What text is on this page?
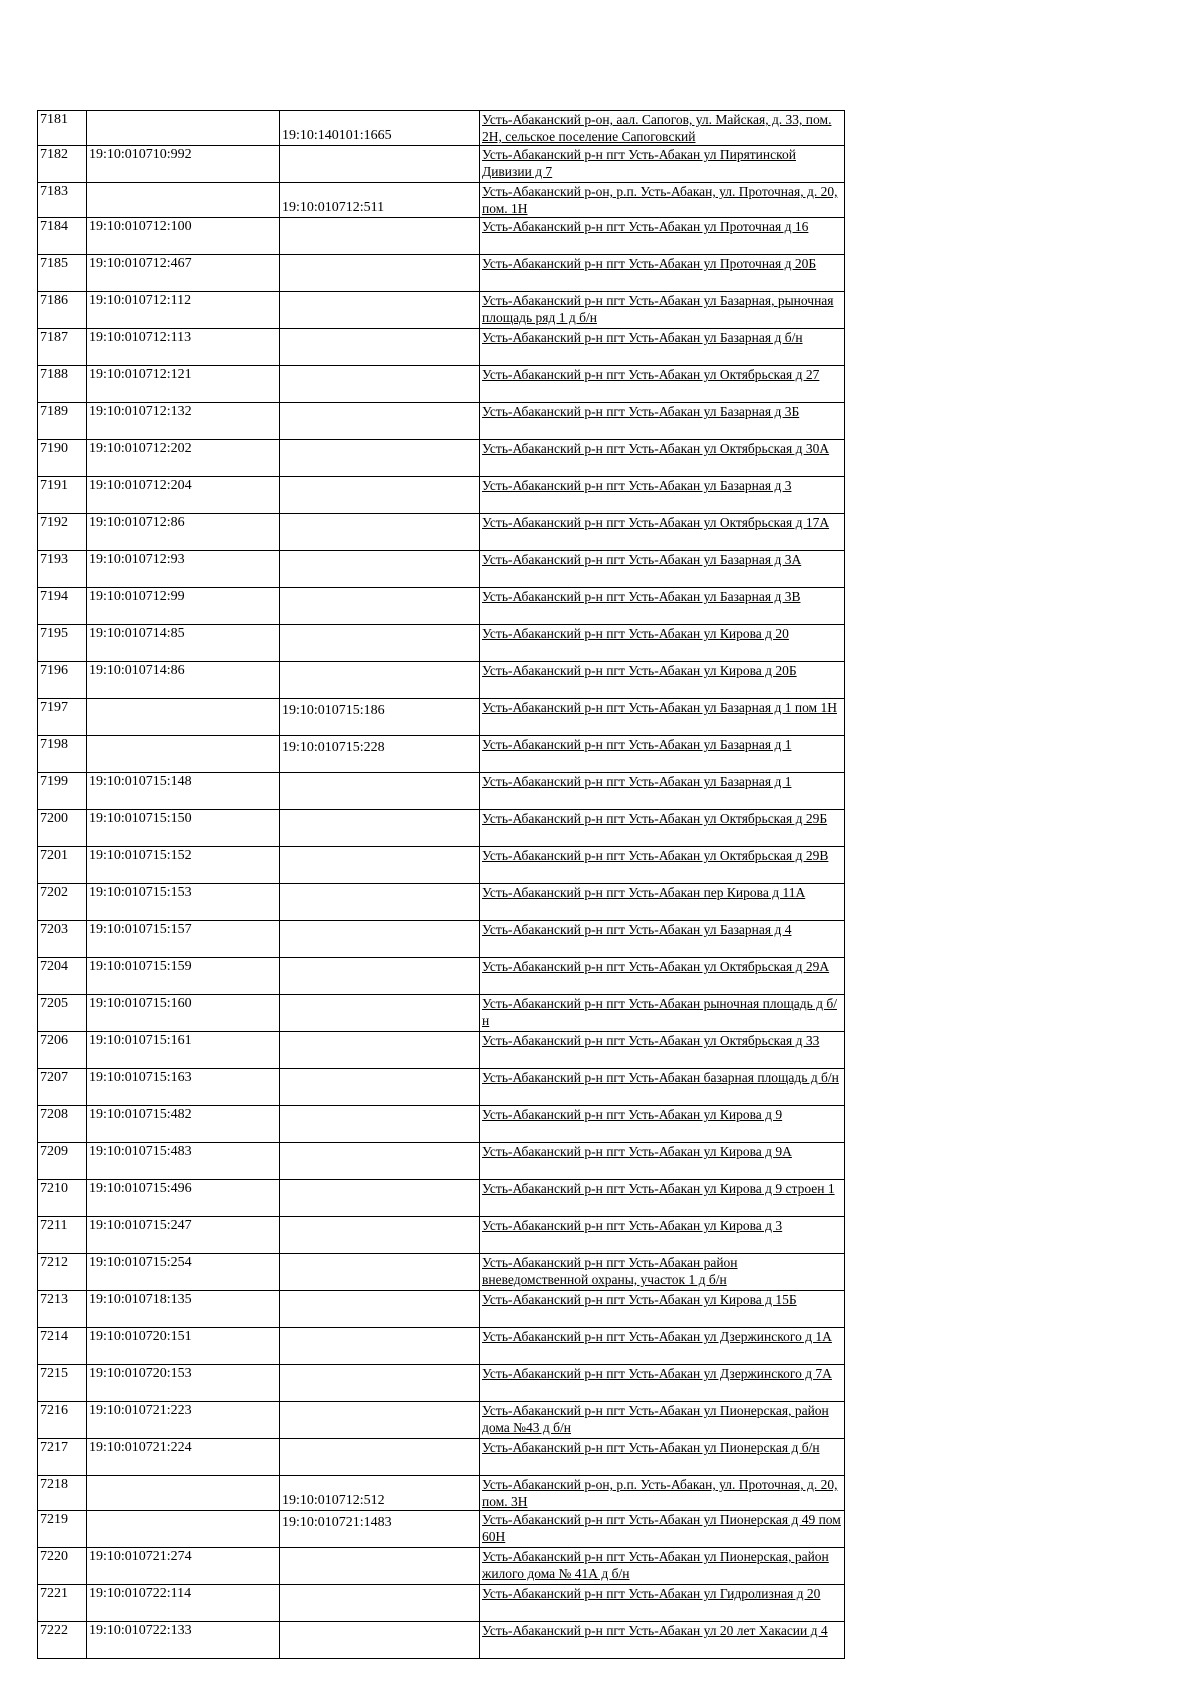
7181		19:10:140101:1665	Усть-Абаканский р-он, аал. Сапогов, ул. Майская, д. 33, пом. 2Н, сельское поселение Сапоговский
7182	19:10:010710:992		Усть-Абаканский р-н пгт Усть-Абакан ул Пирятинской Дивизии д 7
7183		19:10:010712:511	Усть-Абаканский р-он, р.п. Усть-Абакан, ул. Проточная, д. 20, пом. 1Н
7184	19:10:010712:100		Усть-Абаканский р-н пгт Усть-Абакан ул Проточная д 16
7185	19:10:010712:467		Усть-Абаканский р-н пгт Усть-Абакан ул Проточная д 20Б
7186	19:10:010712:112		Усть-Абаканский р-н пгт Усть-Абакан ул Базарная, рыночная площадь ряд 1 д б/н
7187	19:10:010712:113		Усть-Абаканский р-н пгт Усть-Абакан ул Базарная д б/н
7188	19:10:010712:121		Усть-Абаканский р-н пгт Усть-Абакан ул Октябрьская д 27
7189	19:10:010712:132		Усть-Абаканский р-н пгт Усть-Абакан ул Базарная д 3Б
7190	19:10:010712:202		Усть-Абаканский р-н пгт Усть-Абакан ул Октябрьская д 30А
7191	19:10:010712:204		Усть-Абаканский р-н пгт Усть-Абакан ул Базарная д 3
7192	19:10:010712:86		Усть-Абаканский р-н пгт Усть-Абакан ул Октябрьская д 17А
7193	19:10:010712:93		Усть-Абаканский р-н пгт Усть-Абакан ул Базарная д 3А
7194	19:10:010712:99		Усть-Абаканский р-н пгт Усть-Абакан ул Базарная д 3В
7195	19:10:010714:85		Усть-Абаканский р-н пгт Усть-Абакан ул Кирова д 20
7196	19:10:010714:86		Усть-Абаканский р-н пгт Усть-Абакан ул Кирова д 20Б
7197		19:10:010715:186	Усть-Абаканский р-н пгт Усть-Абакан ул Базарная д 1 пом 1Н
7198		19:10:010715:228	Усть-Абаканский р-н пгт Усть-Абакан ул Базарная д 1
7199	19:10:010715:148		Усть-Абаканский р-н пгт Усть-Абакан ул Базарная д 1
7200	19:10:010715:150		Усть-Абаканский р-н пгт Усть-Абакан ул Октябрьская д 29Б
7201	19:10:010715:152		Усть-Абаканский р-н пгт Усть-Абакан ул Октябрьская д 29В
7202	19:10:010715:153		Усть-Абаканский р-н пгт Усть-Абакан пер Кирова д 11А
7203	19:10:010715:157		Усть-Абаканский р-н пгт Усть-Абакан ул Базарная д 4
7204	19:10:010715:159		Усть-Абаканский р-н пгт Усть-Абакан ул Октябрьская д 29А
7205	19:10:010715:160		Усть-Абаканский р-н пгт Усть-Абакан рыночная площадь д б/н
7206	19:10:010715:161		Усть-Абаканский р-н пгт Усть-Абакан ул Октябрьская д 33
7207	19:10:010715:163		Усть-Абаканский р-н пгт Усть-Абакан базарная площадь д б/н
7208	19:10:010715:482		Усть-Абаканский р-н пгт Усть-Абакан ул Кирова д 9
7209	19:10:010715:483		Усть-Абаканский р-н пгт Усть-Абакан ул Кирова д 9А
7210	19:10:010715:496		Усть-Абаканский р-н пгт Усть-Абакан ул Кирова д 9 строен 1
7211	19:10:010715:247		Усть-Абаканский р-н пгт Усть-Абакан ул Кирова д 3
7212	19:10:010715:254		Усть-Абаканский р-н пгт Усть-Абакан район вневедомственной охраны, участок 1 д б/н
7213	19:10:010718:135		Усть-Абаканский р-н пгт Усть-Абакан ул Кирова д 15Б
7214	19:10:010720:151		Усть-Абаканский р-н пгт Усть-Абакан ул Дзержинского д 1А
7215	19:10:010720:153		Усть-Абаканский р-н пгт Усть-Абакан ул Дзержинского д 7А
7216	19:10:010721:223		Усть-Абаканский р-н пгт Усть-Абакан ул Пионерская, район дома №43 д б/н
7217	19:10:010721:224		Усть-Абаканский р-н пгт Усть-Абакан ул Пионерская д б/н
7218		19:10:010712:512	Усть-Абаканский р-он, р.п. Усть-Абакан, ул. Проточная, д. 20, пом. 3Н
7219		19:10:010721:1483	Усть-Абаканский р-н пгт Усть-Абакан ул Пионерская д 49 пом 60Н
7220	19:10:010721:274		Усть-Абаканский р-н пгт Усть-Абакан ул Пионерская, район жилого дома № 41А д б/н
7221	19:10:010722:114		Усть-Абаканский р-н пгт Усть-Абакан ул Гидролизная д 20
7222	19:10:010722:133		Усть-Абаканский р-н пгт Усть-Абакан ул 20 лет Хакасии д 4
